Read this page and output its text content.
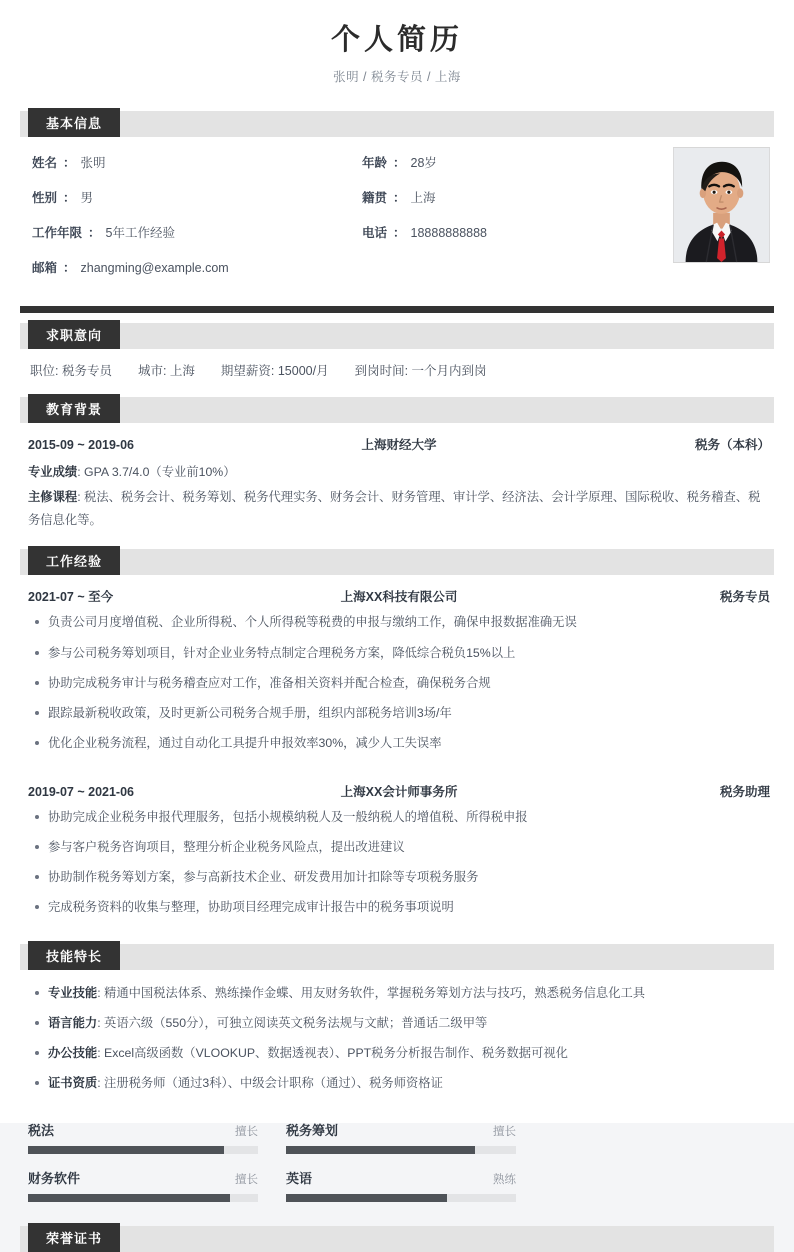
个人简历
张明 / 税务专员 / 上海
基本信息
姓名 ： 张明	年龄 ： 28岁
性别 ： 男	籍贯 ： 上海
工作年限 ： 5年工作经验	电话 ： 18888888888
邮箱 ： zhangming@example.com
求职意向
职位: 税务专员 城市: 上海 期望薪资: 15000/月 到岗时间: 一个月内到岗
教育背景
2015-09 ~ 2019-06	上海财经大学	税务（本科）
专业成绩: GPA 3.7/4.0（专业前10%）
主修课程: 税法、税务会计、税务筹划、税务代理实务、财务会计、财务管理、审计学、经济法、会计学原理、国际税收、税务稽查、税务信息化等。
工作经验
2021-07 ~ 至今	上海XX科技有限公司	税务专员
负责公司月度增值税、企业所得税、个人所得税等税费的申报与缴纳工作，确保申报数据准确无误
参与公司税务筹划项目，针对企业业务特点制定合理税务方案，降低综合税负15%以上
协助完成税务审计与税务稽查应对工作，准备相关资料并配合检查，确保税务合规
跟踪最新税收政策，及时更新公司税务合规手册，组织内部税务培训3场/年
优化企业税务流程，通过自动化工具提升申报效率30%，减少人工失误率
2019-07 ~ 2021-06	上海XX会计师事务所	税务助理
协助完成企业税务申报代理服务，包括小规模纳税人及一般纳税人的增值税、所得税申报
参与客户税务咨询项目，整理分析企业税务风险点，提出改进建议
协助制作税务筹划方案，参与高新技术企业、研发费用加计扣除等专项税务服务
完成税务资料的收集与整理，协助项目经理完成审计报告中的税务事项说明
技能特长
专业技能: 精通中国税法体系、熟练操作金蝶、用友财务软件，掌握税务筹划方法与技巧，熟悉税务信息化工具
语言能力: 英语六级（550分），可独立阅读英文税务法规与文献；普通话二级甲等
办公技能: Excel高级函数（VLOOKUP、数据透视表）、PPT税务分析报告制作、税务数据可视化
证书资质: 注册税务师（通过3科）、中级会计职称（通过）、税务师资格证
税法	擅长 税务筹划	擅长
财务软件	擅长 英语	熟练
荣誉证书
